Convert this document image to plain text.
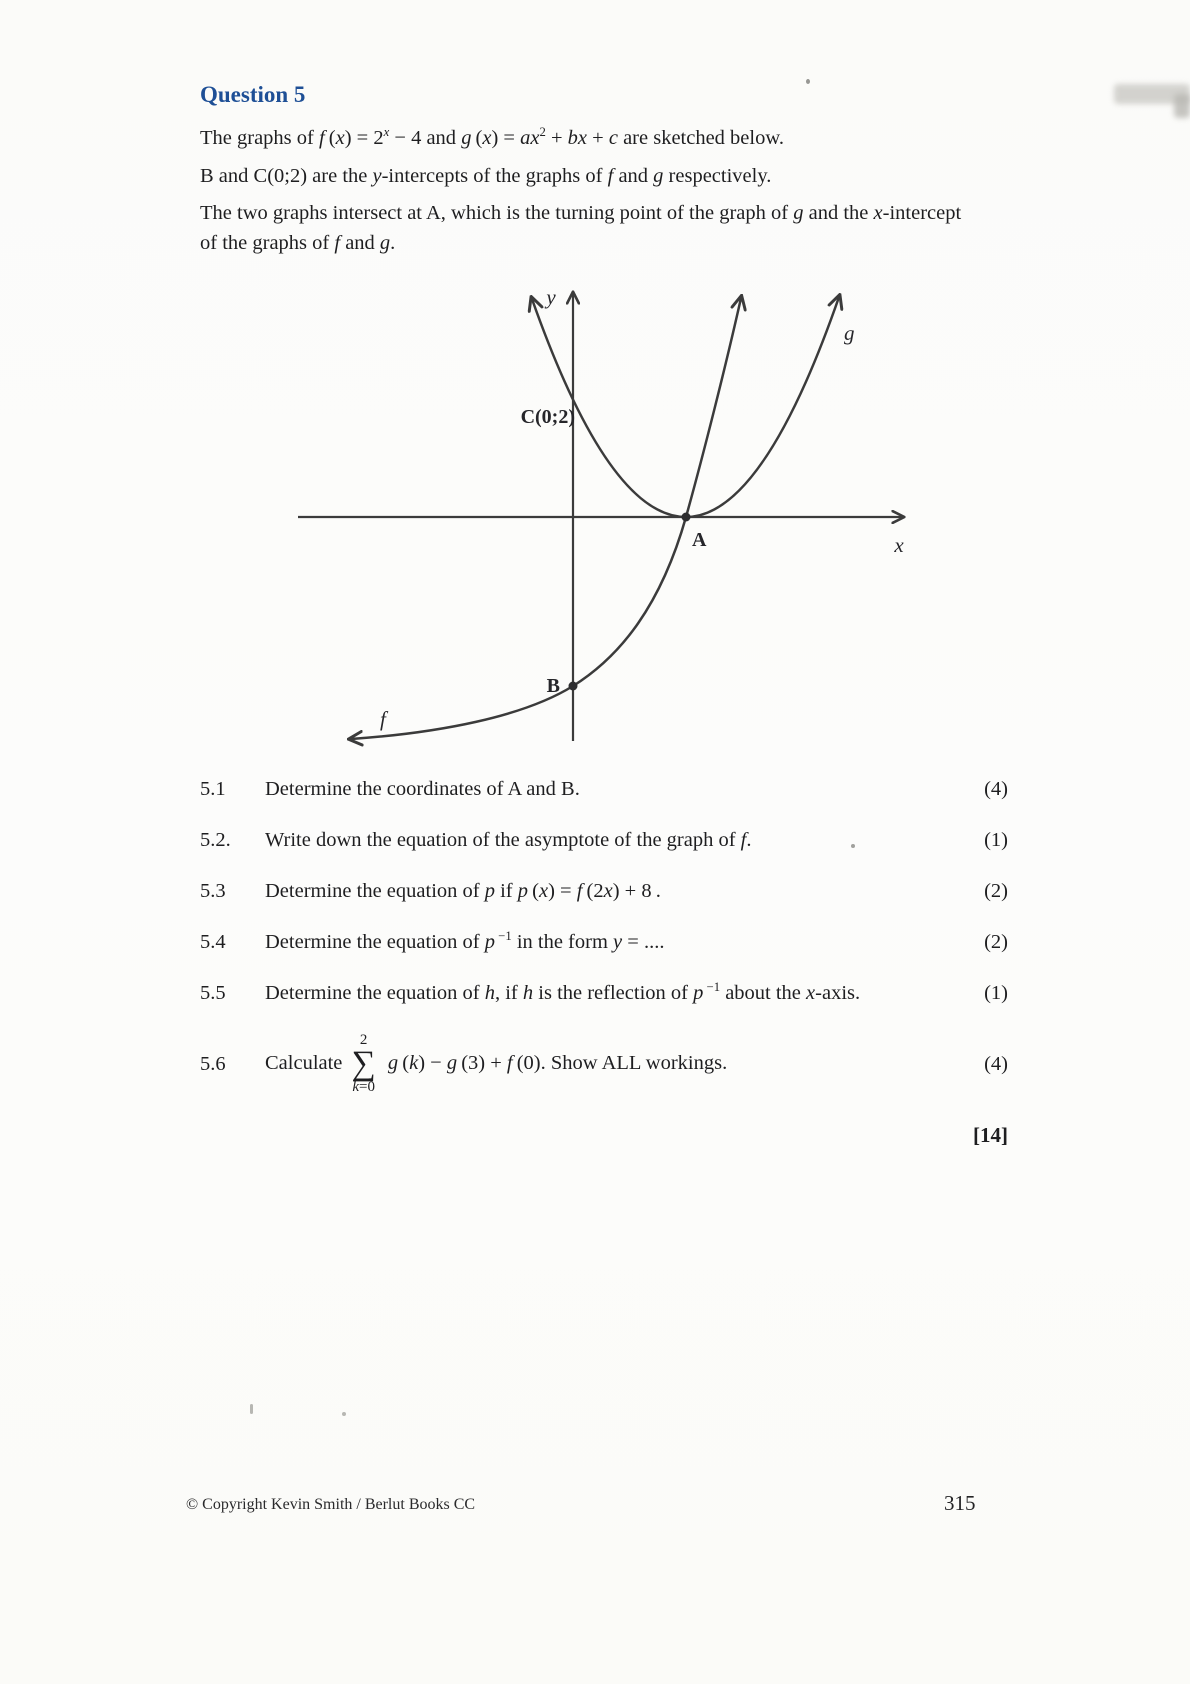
Question 5

The graphs of f $(x) = 2^x - 4$ and g $(x) = ax^2$ + bx + c are sketched below.

B and C(0;2) are the y-intercepts of the graphs of f and g respectively.

The two graphs intersect at A, which is the turning point of the graph of g and the x-intercept
of the graphs of f and g.

y
x
g
f
A
B
C(0;2)
5.1	Determine the coordinates of A and B.	(4)
5.2.	Write down the equation of the asymptote of the graph of f.	(1)
5.3	Determine the equation of p if p (x) = f (2x) + 8 .	(2)
5.4	Determine the equation of p $^{-1}$ in the form y = ....	(2)
5.5	Determine the equation of h, if h is the reflection of p $^{-1}$ about the x-axis.	(1)
5.6	Calculate
2
∑
k=0
g (k) − g (3) + f (0). Show ALL workings.	(4)
[14]
© Copyright Kevin Smith / Berlut Books CC	315
